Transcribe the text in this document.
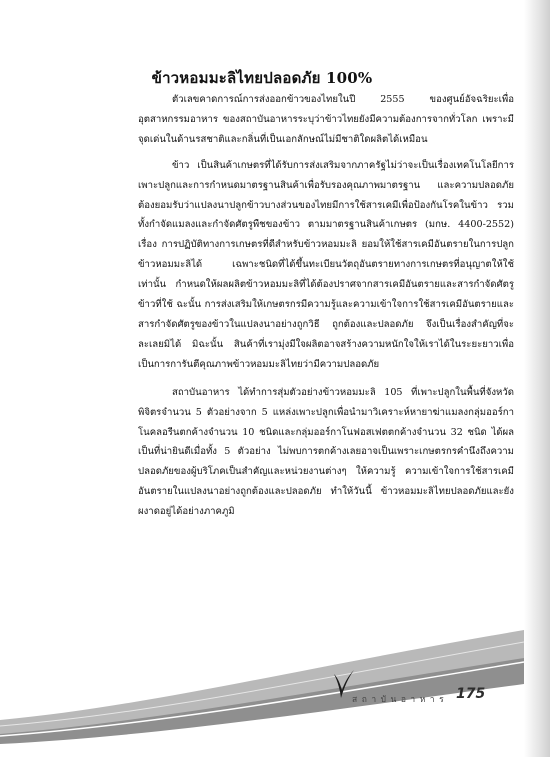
ข้าวหอมมะลิไทยปลอดภัย 100%

ตัวเลขคาดการณ์การส่งออกข้าวของไทยในปี 2555 ของศูนย์อัจฉริยะเพื่ออุตสาหกรรมอาหาร ของสถาบันอาหารระบุว่าข้าวไทยยังมีความต้องการจากทั่วโลก เพราะมีจุดเด่นในด้านรสชาติและกลิ่นที่เป็นเอกลักษณ์ไม่มีชาติใดผลิตได้เหมือน

ข้าว เป็นสินค้าเกษตรที่ได้รับการส่งเสริมจากภาครัฐไม่ว่าจะเป็นเรื่องเทคโนโลยีการเพาะปลูกและการกำหนดมาตรฐานสินค้าเพื่อรับรองคุณภาพมาตรฐาน และความปลอดภัย ต้องยอมรับว่าแปลงนาปลูกข้าวบางส่วนของไทยมีการใช้สารเคมีเพื่อป้องกันโรคในข้าว รวมทั้งกำจัดแมลงและกำจัดศัตรูพืชของข้าว ตามมาตรฐานสินค้าเกษตร (มกษ. 4400-2552) เรื่อง การปฏิบัติทางการเกษตรที่ดีสำหรับข้าวหอมมะลิ ยอมให้ใช้สารเคมีอันตรายในการปลูกข้าวหอมมะลิได้ เฉพาะชนิดที่ได้ขึ้นทะเบียนวัตถุอันตรายทางการเกษตรที่อนุญาตให้ใช้เท่านั้น กำหนดให้ผลผลิตข้าวหอมมะลิที่ได้ต้องปราศจากสารเคมีอันตรายและสารกำจัดศัตรูข้าวที่ใช้ ฉะนั้น การส่งเสริมให้เกษตรกรมีความรู้และความเข้าใจการใช้สารเคมีอันตรายและสารกำจัดศัตรูของข้าวในแปลงนาอย่างถูกวิธี ถูกต้องและปลอดภัย จึงเป็นเรื่องสำคัญที่จะละเลยมิได้ มิฉะนั้น สินค้าที่เรามุ่งมีใจผลิตอาจสร้างความหนักใจให้เราได้ในระยะยาวเพื่อเป็นการการันตีคุณภาพข้าวหอมมะลิไทยว่ามีความปลอดภัย

สถาบันอาหาร ได้ทำการสุ่มตัวอย่างข้าวหอมมะลิ 105 ที่เพาะปลูกในพื้นที่จังหวัดพิจิตรจำนวน 5 ตัวอย่างจาก 5 แหล่งเพาะปลูกเพื่อนำมาวิเคราะห์หายาฆ่าแมลงกลุ่มออร์กาโนคลอรีนตกค้างจำนวน 10 ชนิดและกลุ่มออร์กาโนฟอสเฟตตกค้างจำนวน 32 ชนิด ได้ผลเป็นที่น่ายินดีเมื่อทั้ง 5 ตัวอย่าง ไม่พบการตกค้างเลยอาจเป็นเพราะเกษตรกรคำนึงถึงความปลอดภัยของผู้บริโภคเป็นสำคัญและหน่วยงานต่างๆ ให้ความรู้ ความเข้าใจการใช้สารเคมีอันตรายในแปลงนาอย่างถูกต้องและปลอดภัย ทำให้วันนี้ ข้าวหอมมะลิไทยปลอดภัยและยังผงาดอยู่ได้อย่างภาคภูมิ

สถาบันอาหาร 175
